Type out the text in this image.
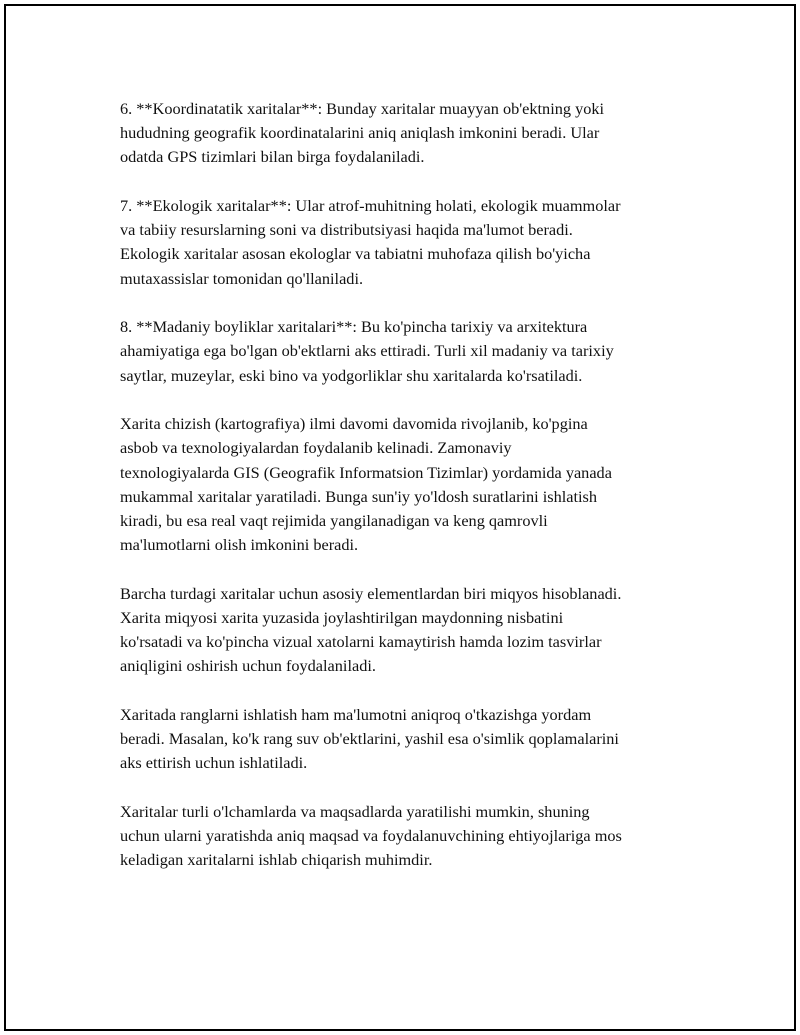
6. **Koordinatatik xaritalar**: Bunday xaritalar muayyan ob'ektning yoki
hududning geografik koordinatalarini aniq aniqlash imkonini beradi. Ular
odatda GPS tizimlari bilan birga foydalaniladi.

7. **Ekologik xaritalar**: Ular atrof-muhitning holati, ekologik muammolar
va tabiiy resurslarning soni va distributsiyasi haqida ma'lumot beradi.
Ekologik xaritalar asosan ekologlar va tabiatni muhofaza qilish bo'yicha
mutaxassislar tomonidan qo'llaniladi.

8. **Madaniy boyliklar xaritalari**: Bu ko'pincha tarixiy va arxitektura
ahamiyatiga ega bo'lgan ob'ektlarni aks ettiradi. Turli xil madaniy va tarixiy
saytlar, muzeylar, eski bino va yodgorliklar shu xaritalarda ko'rsatiladi.

Xarita chizish (kartografiya) ilmi davomi davomida rivojlanib, ko'pgina
asbob va texnologiyalardan foydalanib kelinadi. Zamonaviy
texnologiyalarda GIS (Geografik Informatsion Tizimlar) yordamida yanada
mukammal xaritalar yaratiladi. Bunga sun'iy yo'ldosh suratlarini ishlatish
kiradi, bu esa real vaqt rejimida yangilanadigan va keng qamrovli
ma'lumotlarni olish imkonini beradi.

Barcha turdagi xaritalar uchun asosiy elementlardan biri miqyos hisoblanadi.
Xarita miqyosi xarita yuzasida joylashtirilgan maydonning nisbatini
ko'rsatadi va ko'pincha vizual xatolarni kamaytirish hamda lozim tasvirlar
aniqligini oshirish uchun foydalaniladi.

Xaritada ranglarni ishlatish ham ma'lumotni aniqroq o'tkazishga yordam
beradi. Masalan, ko'k rang suv ob'ektlarini, yashil esa o'simlik qoplamalarini
aks ettirish uchun ishlatiladi.

Xaritalar turli o'lchamlarda va maqsadlarda yaratilishi mumkin, shuning
uchun ularni yaratishda aniq maqsad va foydalanuvchining ehtiyojlariga mos
keladigan xaritalarni ishlab chiqarish muhimdir.
